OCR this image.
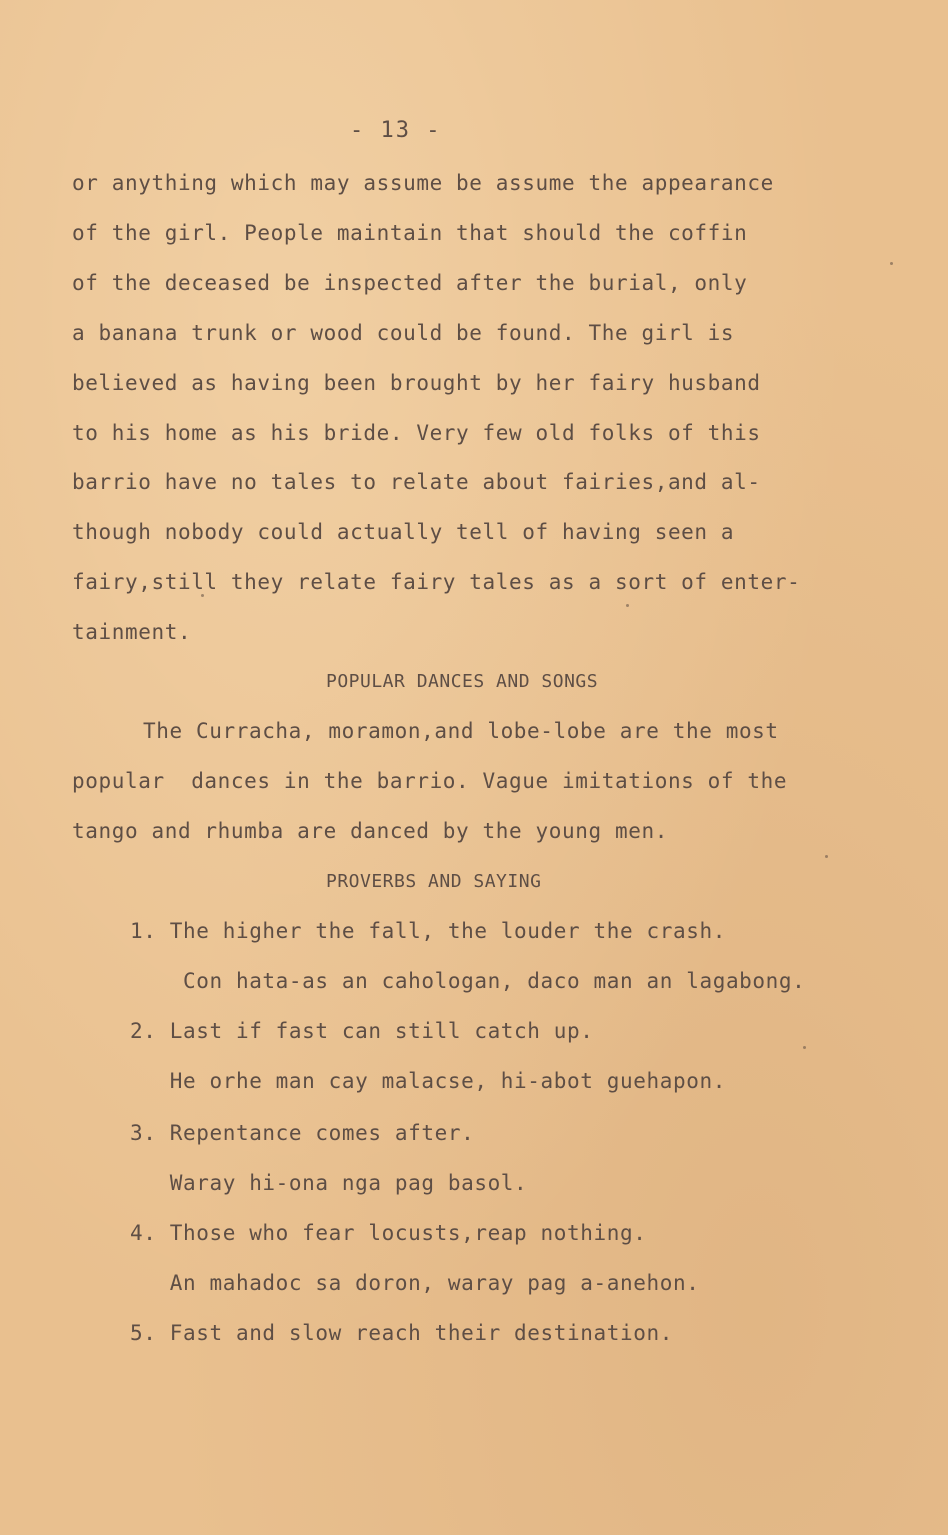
- 13 -
or anything which may assume be assume the appearance
of the girl. People maintain that should the coffin
of the deceased be inspected after the burial, only
a banana trunk or wood could be found. The girl is
believed as having been brought by her fairy husband
to his home as his bride. Very few old folks of this
barrio have no tales to relate about fairies,and al-
though nobody could actually tell of having seen a
fairy,still they relate fairy tales as a sort of enter-
tainment.
POPULAR DANCES AND SONGS
The Curracha, moramon,and lobe-lobe are the most
popular  dances in the barrio. Vague imitations of the
tango and rhumba are danced by the young men.
PROVERBS AND SAYING
1. The higher the fall, the louder the crash.
Con hata-as an cahologan, daco man an lagabong.
2. Last if fast can still catch up.
He orhe man cay malacse, hi-abot guehapon.
3. Repentance comes after.
Waray hi-ona nga pag basol.
4. Those who fear locusts,reap nothing.
An mahadoc sa doron, waray pag a-anehon.
5. Fast and slow reach their destination.
